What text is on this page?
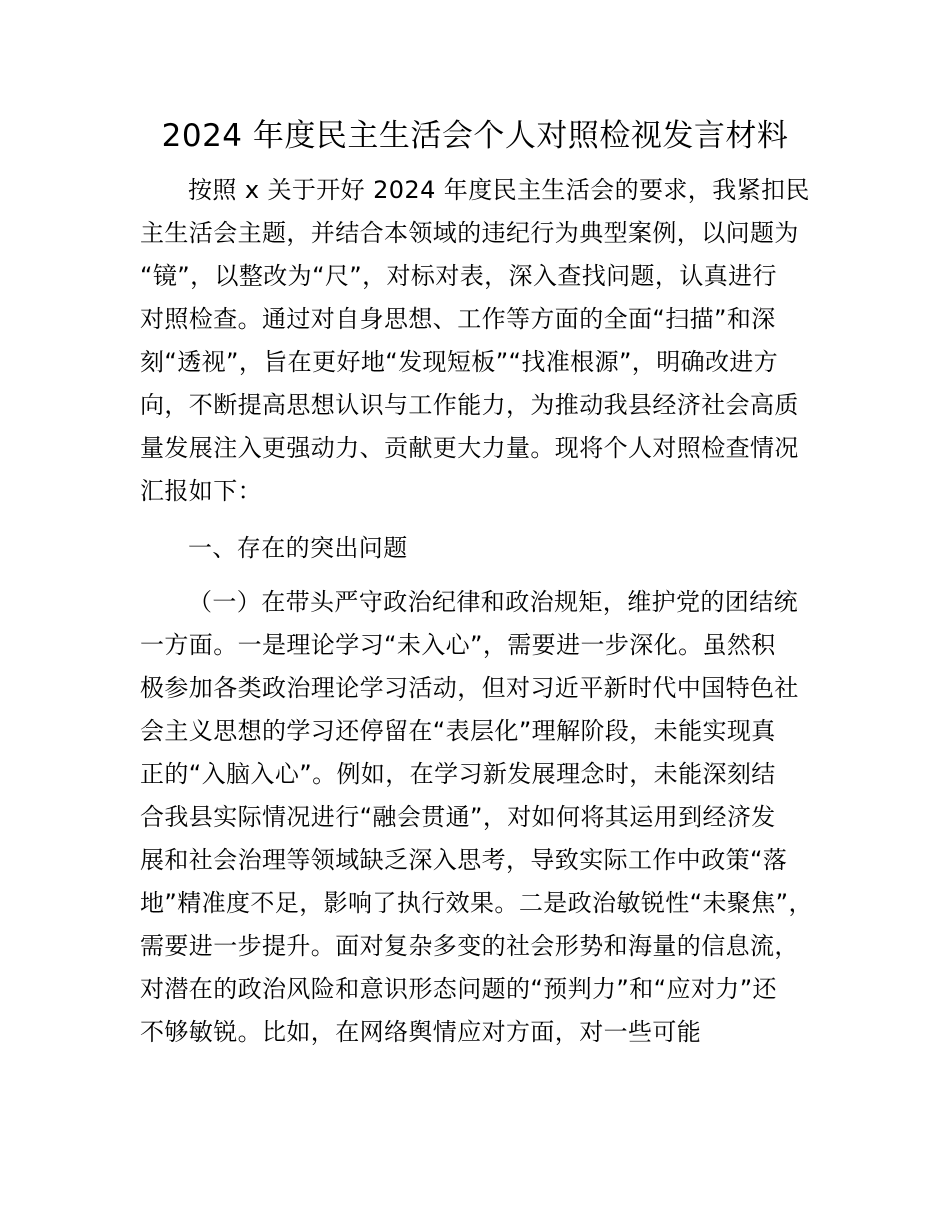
2024 年度民主生活会个人对照检视发言材料
按照 x 关于开好 2024 年度民主生活会的要求，我紧扣民
主生活会主题，并结合本领域的违纪行为典型案例，以问题为
“镜”，以整改为“尺”，对标对表，深入查找问题，认真进行
对照检查。通过对自身思想、工作等方面的全面“扫描”和深
刻“透视”，旨在更好地“发现短板”“找准根源”，明确改进方
向，不断提高思想认识与工作能力，为推动我县经济社会高质
量发展注入更强动力、贡献更大力量。现将个人对照检查情况
汇报如下：
一、存在的突出问题
（一）在带头严守政治纪律和政治规矩，维护党的团结统
一方面。一是理论学习“未入心”，需要进一步深化。虽然积
极参加各类政治理论学习活动，但对习近平新时代中国特色社
会主义思想的学习还停留在“表层化”理解阶段，未能实现真
正的“入脑入心”。例如，在学习新发展理念时，未能深刻结
合我县实际情况进行“融会贯通”，对如何将其运用到经济发
展和社会治理等领域缺乏深入思考，导致实际工作中政策“落
地”精准度不足，影响了执行效果。二是政治敏锐性“未聚焦”，
需要进一步提升。面对复杂多变的社会形势和海量的信息流，
对潜在的政治风险和意识形态问题的“预判力”和“应对力”还
不够敏锐。比如，在网络舆情应对方面，对一些可能
